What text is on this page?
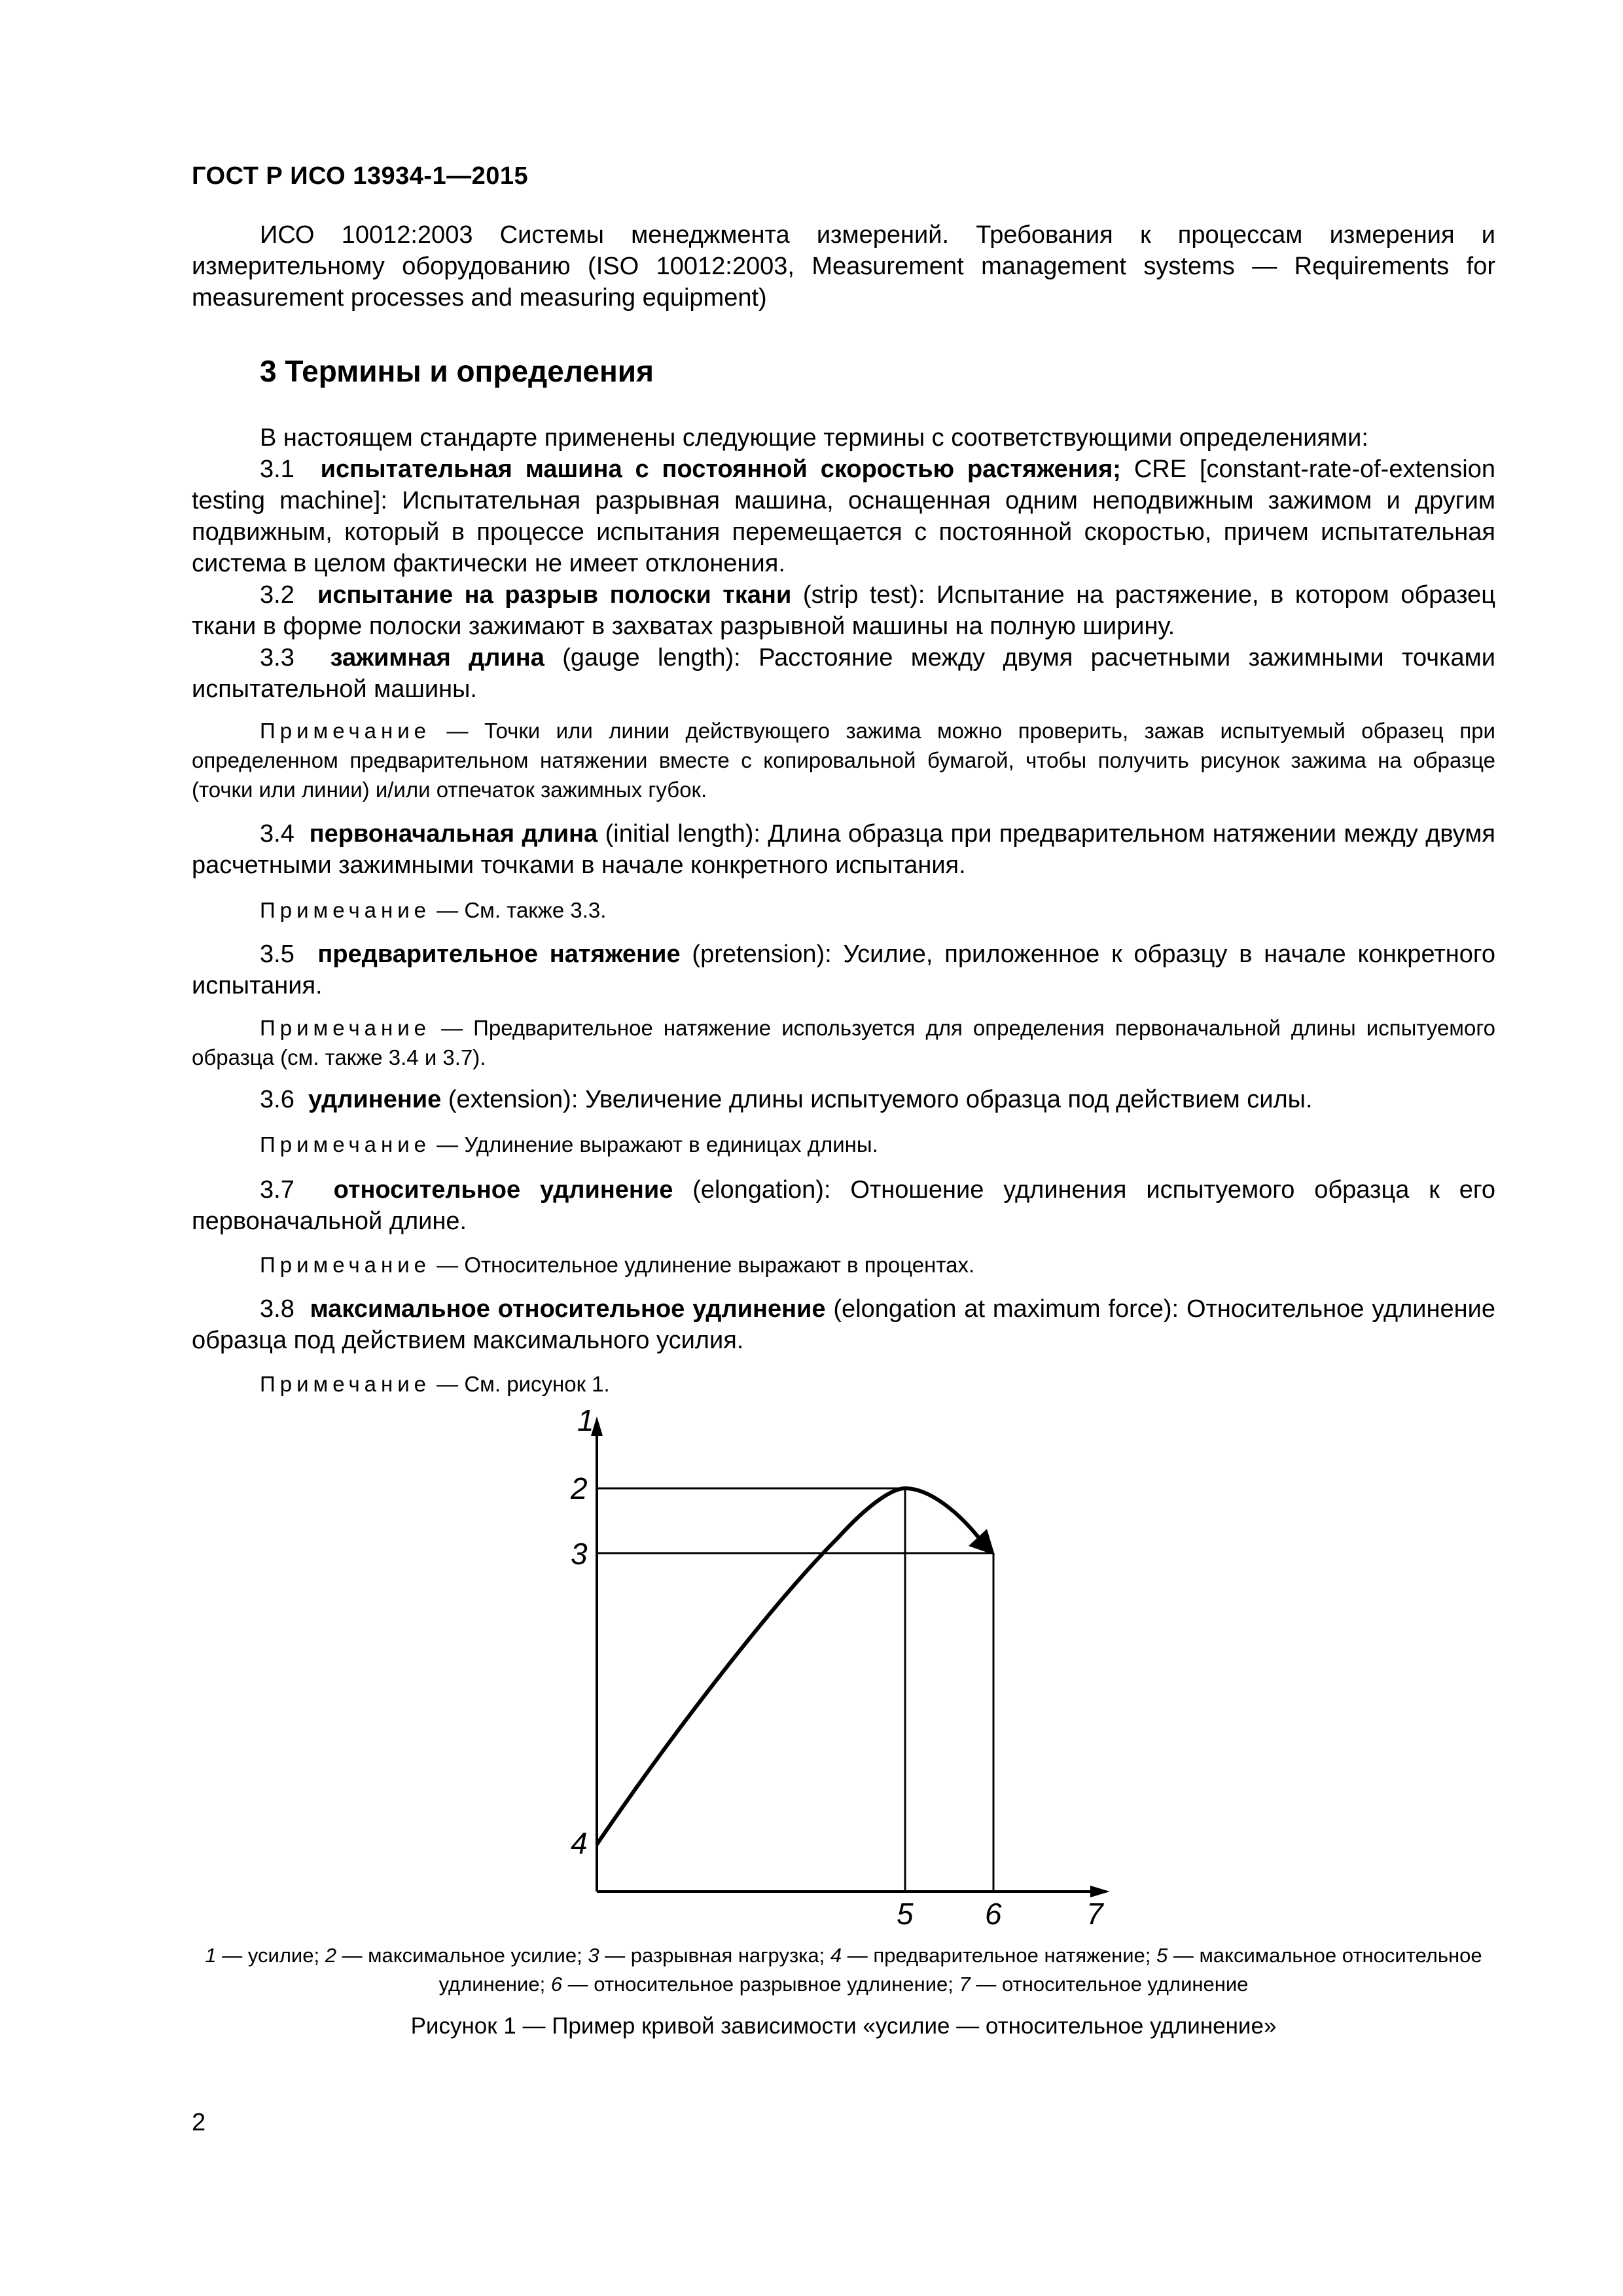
ГОСТ Р ИСО 13934-1—2015

ИСО 10012:2003 Системы менеджмента измерений. Требования к процессам измерения и измерительному оборудованию (ISO 10012:2003, Measurement management systems — Requirements for measurement processes and measuring equipment)

3 Термины и определения

В настоящем стандарте применены следующие термины с соответствующими определениями:

3.1 испытательная машина с постоянной скоростью растяжения; CRE [constant-rate-of-extension testing machine]: Испытательная разрывная машина, оснащенная одним неподвижным зажимом и другим подвижным, который в процессе испытания перемещается с постоянной скоростью, причем испытательная система в целом фактически не имеет отклонения.

3.2 испытание на разрыв полоски ткани (strip test): Испытание на растяжение, в котором образец ткани в форме полоски зажимают в захватах разрывной машины на полную ширину.

3.3 зажимная длина (gauge length): Расстояние между двумя расчетными зажимными точками испытательной машины.

Примечание — Точки или линии действующего зажима можно проверить, зажав испытуемый образец при определенном предварительном натяжении вместе с копировальной бумагой, чтобы получить рисунок зажима на образце (точки или линии) и/или отпечаток зажимных губок.

3.4 первоначальная длина (initial length): Длина образца при предварительном натяжении между двумя расчетными зажимными точками в начале конкретного испытания.

Примечание — См. также 3.3.

3.5 предварительное натяжение (pretension): Усилие, приложенное к образцу в начале конкретного испытания.

Примечание — Предварительное натяжение используется для определения первоначальной длины испытуемого образца (см. также 3.4 и 3.7).

3.6 удлинение (extension): Увеличение длины испытуемого образца под действием силы.

Примечание — Удлинение выражают в единицах длины.

3.7 относительное удлинение (elongation): Отношение удлинения испытуемого образца к его первоначальной длине.

Примечание — Относительное удлинение выражают в процентах.

3.8 максимальное относительное удлинение (elongation at maximum force): Относительное удлинение образца под действием максимального усилия.

Примечание — См. рисунок 1.

1
2
3
4
5 6	7
1 — усилие; 2 — максимальное усилие; 3 — разрывная нагрузка; 4 — предварительное натяжение; 5 — максимальное относительное удлинение; 6 — относительное разрывное удлинение; 7 — относительное удлинение
Рисунок 1 — Пример кривой зависимости «усилие — относительное удлинение»
2
